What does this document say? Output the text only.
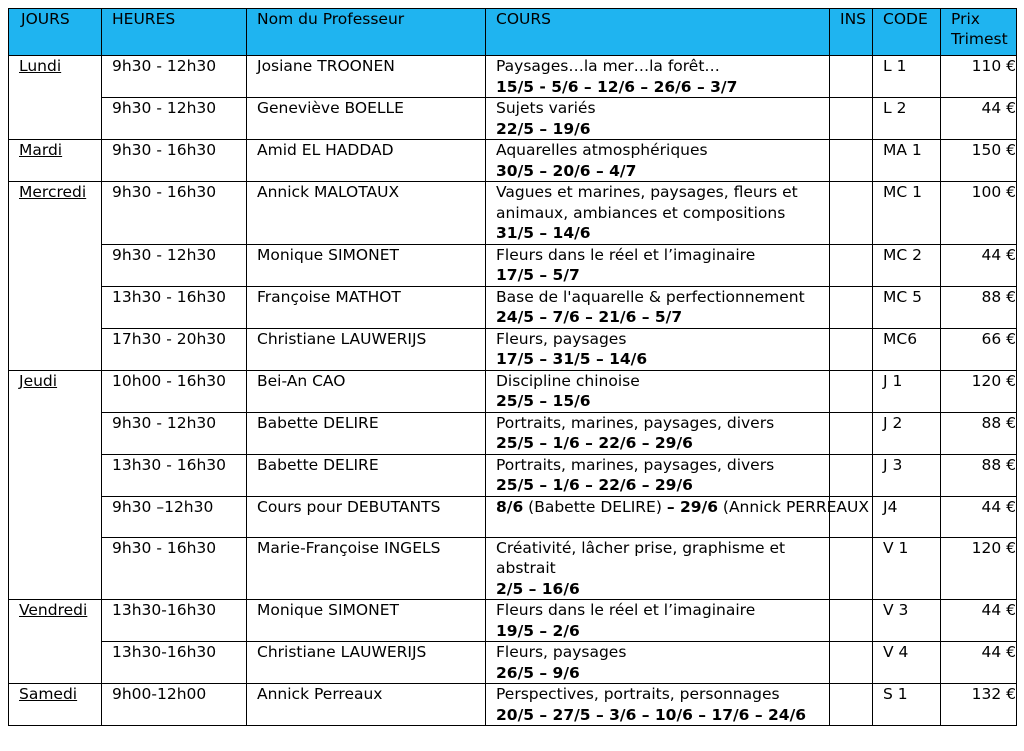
JOURS	HEURES	Nom du Professeur	COURS	INS	CODE	Prix Trimest
Lundi	9h30 - 12h30	Josiane TROONEN	Paysages…la mer…la forêt…
15/5 - 5/6 – 12/6 – 26/6 – 3/7		L 1	110 €
	9h30 - 12h30	Geneviève BOELLE	Sujets variés
22/5 – 19/6		L 2	44 €
Mardi	9h30 - 16h30	Amid EL HADDAD	Aquarelles atmosphériques
30/5 – 20/6 – 4/7		MA 1	150 €
Mercredi	9h30 - 16h30	Annick MALOTAUX	Vagues et marines, paysages, fleurs et animaux, ambiances et compositions
31/5 – 14/6		MC 1	100 €
	9h30 - 12h30	Monique SIMONET	Fleurs dans le réel et l’imaginaire
17/5 – 5/7		MC 2	44 €
	13h30 - 16h30	Françoise MATHOT	Base de l'aquarelle & perfectionnement
24/5 – 7/6 – 21/6 – 5/7		MC 5	88 €
	17h30 - 20h30	Christiane LAUWERIJS	Fleurs, paysages
17/5 – 31/5 – 14/6		MC6	66 €
Jeudi	10h00 - 16h30	Bei-An CAO	Discipline chinoise
25/5 – 15/6		J 1	120 €
	9h30 - 12h30	Babette DELIRE	Portraits, marines, paysages, divers
25/5 – 1/6 – 22/6 – 29/6		J 2	88 €
	13h30 - 16h30	Babette DELIRE	Portraits, marines, paysages, divers
25/5 – 1/6 – 22/6 – 29/6		J 3	88 €
	9h30 –12h30	Cours pour DEBUTANTS	8/6 (Babette DELIRE) – 29/6 (Annick PERREAUX		J4	44 €
	9h30 - 16h30	Marie-Françoise INGELS	Créativité, lâcher prise, graphisme et abstrait
2/5 – 16/6		V 1	120 €
Vendredi	13h30-16h30	Monique SIMONET	Fleurs dans le réel et l’imaginaire
19/5 – 2/6		V 3	44 €
	13h30-16h30	Christiane LAUWERIJS	Fleurs, paysages
26/5 – 9/6		V 4	44 €
Samedi	9h00-12h00	Annick Perreaux	Perspectives, portraits, personnages
20/5 – 27/5 – 3/6 – 10/6 – 17/6 – 24/6		S 1	132 €
